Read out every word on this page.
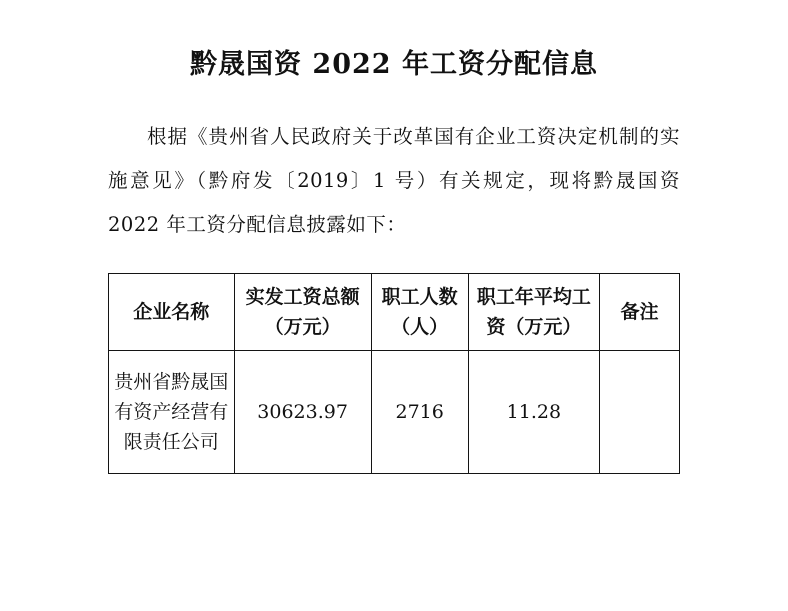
黔晟国资 2022 年工资分配信息

根据《贵州省人民政府关于改革国有企业工资决定机制的实施意见》（黔府发〔2019〕1 号）有关规定，现将黔晟国资 2022 年工资分配信息披露如下：

企业名称	实发工资总额（万元）	职工人数（人）	职工年平均工资（万元）	备注
贵州省黔晟国有资产经营有限责任公司	30623.97	2716	11.28	
